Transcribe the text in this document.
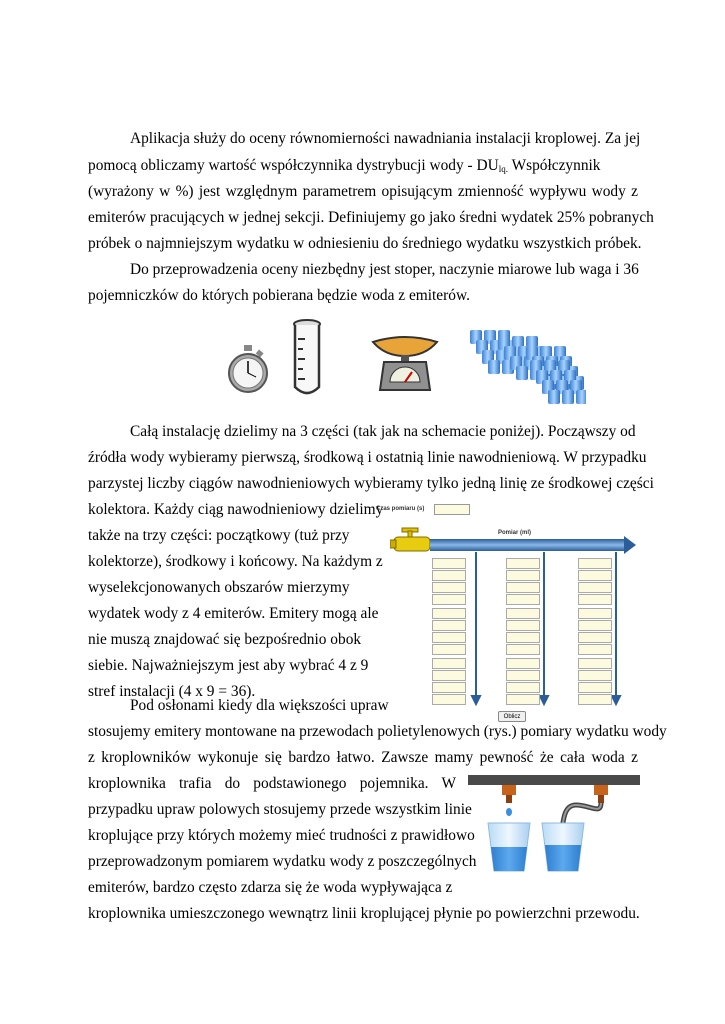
Aplikacja służy do oceny równomierności nawadniania instalacji kroplowej. Za jej
pomocą obliczamy wartość współczynnika dystrybucji wody - $DU_{lq.}$ Współczynnik
(wyrażony w %) jest względnym parametrem opisującym zmienność wypływu wody z
emiterów pracujących w jednej sekcji. Definiujemy go jako średni wydatek 25% pobranych
próbek o najmniejszym wydatku w odniesieniu do średniego wydatku wszystkich próbek.
Do przeprowadzenia oceny niezbędny jest stoper, naczynie miarowe lub waga i 36
pojemniczków do których pobierana będzie woda z emiterów.
Całą instalację dzielimy na 3 części (tak jak na schemacie poniżej). Począwszy od
źródła wody wybieramy pierwszą, środkową i ostatnią linie nawodnieniową. W przypadku
parzystej liczby ciągów nawodnieniowych wybieramy tylko jedną linię ze środkowej części
kolektora. Każdy ciąg nawodnieniowy dzielimy
także na trzy części: początkowy (tuż przy
kolektorze), środkowy i końcowy. Na każdym z
wyselekcjonowanych obszarów mierzymy
wydatek wody z 4 emiterów. Emitery mogą ale
nie muszą znajdować się bezpośrednio obok
siebie. Najważniejszym jest aby wybrać 4 z 9
stref instalacji (4 x 9 = 36).
Czas pomiaru (s)
Pomiar (ml)
Oblicz
Pod osłonami kiedy dla większości upraw
stosujemy emitery montowane na przewodach polietylenowych (rys.) pomiary wydatku wody
z kroplowników wykonuje się bardzo łatwo. Zawsze mamy pewność że cała woda z
kroplownika trafia do podstawionego pojemnika. W
przypadku upraw polowych stosujemy przede wszystkim linie
kroplujące przy których możemy mieć trudności z prawidłowo
przeprowadzonym pomiarem wydatku wody z poszczególnych
emiterów, bardzo często zdarza się że woda wypływająca z
kroplownika umieszczonego wewnątrz linii kroplującej płynie po powierzchni przewodu.
